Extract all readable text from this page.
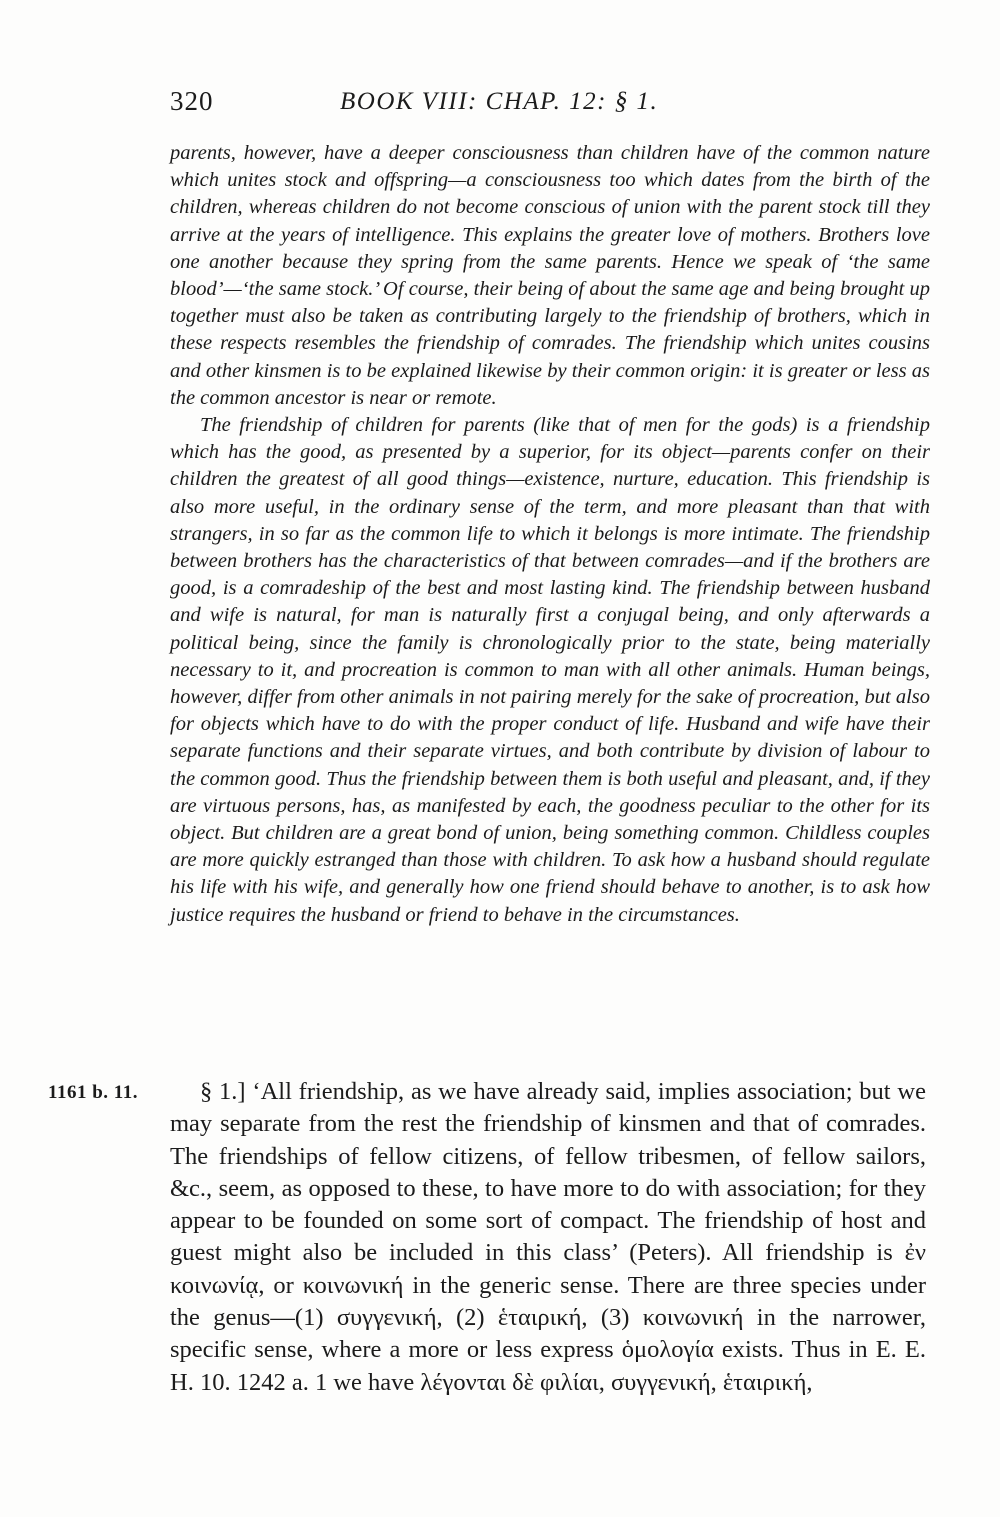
320	BOOK VIII: CHAP. 12: § 1.

parents, however, have a deeper consciousness than children have of the common nature which unites stock and offspring—a consciousness too which dates from the birth of the children, whereas children do not become conscious of union with the parent stock till they arrive at the years of intelligence. This explains the greater love of mothers. Brothers love one another because they spring from the same parents. Hence we speak of ‘the same blood’—‘the same stock.’ Of course, their being of about the same age and being brought up together must also be taken as contributing largely to the friendship of brothers, which in these respects resembles the friendship of comrades. The friendship which unites cousins and other kinsmen is to be explained likewise by their common origin: it is greater or less as the common ancestor is near or remote.

The friendship of children for parents (like that of men for the gods) is a friendship which has the good, as presented by a superior, for its object—parents confer on their children the greatest of all good things—existence, nurture, education. This friendship is also more useful, in the ordinary sense of the term, and more pleasant than that with strangers, in so far as the common life to which it belongs is more intimate. The friendship between brothers has the characteristics of that between comrades—and if the brothers are good, is a comradeship of the best and most lasting kind. The friendship between husband and wife is natural, for man is naturally first a conjugal being, and only afterwards a political being, since the family is chronologically prior to the state, being materially necessary to it, and procreation is common to man with all other animals. Human beings, however, differ from other animals in not pairing merely for the sake of procreation, but also for objects which have to do with the proper conduct of life. Husband and wife have their separate functions and their separate virtues, and both contribute by division of labour to the common good. Thus the friendship between them is both useful and pleasant, and, if they are virtuous persons, has, as manifested by each, the goodness peculiar to the other for its object. But children are a great bond of union, being something common. Childless couples are more quickly estranged than those with children. To ask how a husband should regulate his life with his wife, and generally how one friend should behave to another, is to ask how justice requires the husband or friend to behave in the circumstances.

1161 b. 11.	§ 1.] ‘All friendship, as we have already said, implies association; but we may separate from the rest the friendship of kinsmen and that of comrades. The friendships of fellow citizens, of fellow tribesmen, of fellow sailors, &c., seem, as opposed to these, to have more to do with association; for they appear to be founded on some sort of compact. The friendship of host and guest might also be included in this class’ (Peters). All friendship is ἐν κοινωνίᾳ, or κοινωνική in the generic sense. There are three species under the genus—(1) συγγενική, (2) ἑταιρική, (3) κοινωνική in the narrower, specific sense, where a more or less express ὁμολογία exists. Thus in E. E. H. 10. 1242 a. 1 we have λέγονται δὲ φιλίαι, συγγενική, ἑταιρική,
